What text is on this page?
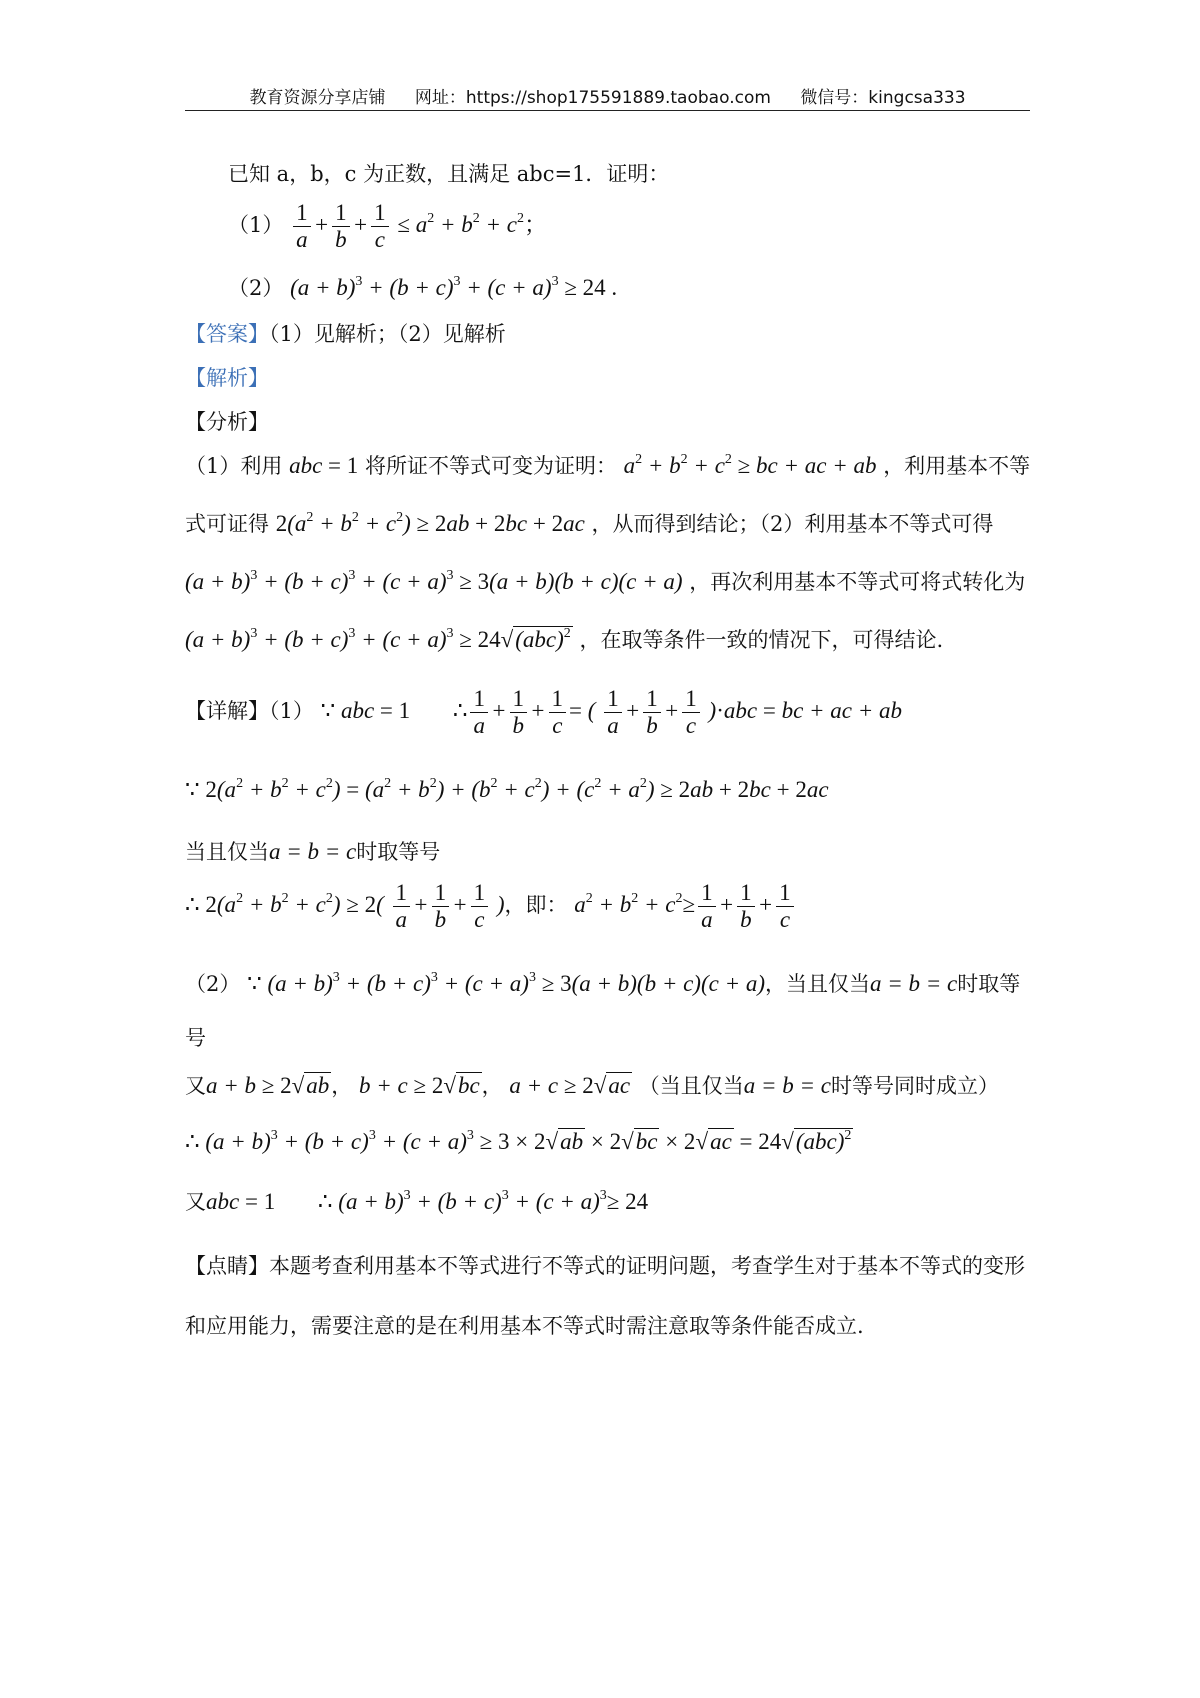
教育资源分享店铺 网址：https://shop175591889.taobao.com 微信号：kingcsa333
已知 a，b，c 为正数，且满足 abc=1．证明：
$(1) \frac{1}{a} + \frac{1}{b} + \frac{1}{c} \le a^2 + b^2 + c^2$；
（2） $(a + b)^3 + (b + c)^3 + (c + a)^3 \ge 24$ .
【答案】（1）见解析；（2）见解析
【解析】
【分析】
（1）利用 abc = 1 将所证不等式可变为证明： $a^2 + b^2 + c^2$ ≥ bc + ac + ab ，利用基本不等
式可证得 $2(a^2 + b^2 + c^2) \ge 2ab + 2bc + 2ac$ ，从而得到结论；（2）利用基本不等式可得
$(a + b)^3 + (b + c)^3 + (c + a)^3 \ge 3(a + b)(b + c)(c + a)$ ，再次利用基本不等式可将式转化为
$(a + b)^3 + (b + c)^3 + (c + a)^3 \ge 24√(abc)^2$ ，在取等条件一致的情况下，可得结论.
【详解】（1） ∵ abc = 1 ∴ $\frac{1}{a} + \frac{1}{b} + \frac{1}{c}$ = ( $\frac{1}{a} + \frac{1}{b} + \frac{1}{c} )\cdot abc$ = bc + ac + ab
∵ $2(a^2 + b^2 + c^2) = (a^2 + b^2) + (b^2 + c^2) + (c^2 + a^2) \ge 2ab + 2bc + 2ac$
当且仅当a = b = c时取等号
∴ $2(a^2 + b^2 + c^2) \ge 2( \frac{1}{a} + \frac{1}{b} + \frac{1}{c}$ )，即： $a^2 + b^2 + c^2\ge \frac{1}{a} + \frac{1}{b} + \frac{1}{c}$
（2） ∵ $(a + b)^3 + (b + c)^3 + (c + a)^3 \ge 3(a + b)(b + c)(c + a)$，当且仅当a = b = c时取等
号
又a + b ≥ 2√ab， b + c ≥ 2√bc， a + c ≥ 2√ac （当且仅当a = b = c时等号同时成立）
∴ $(a + b)^3 + (b + c)^3 + (c + a)^3 \ge 3 \times 2√ab \times 2√bc \times 2√ac = 24√(abc)^2$
又abc = 1 ∴ $(a + b)^3 + (b + c)^3 + (c + a)^3\ge 24$
【点睛】本题考查利用基本不等式进行不等式的证明问题，考查学生对于基本不等式的变形和应用能力，需要注意的是在利用基本不等式时需注意取等条件能否成立.
